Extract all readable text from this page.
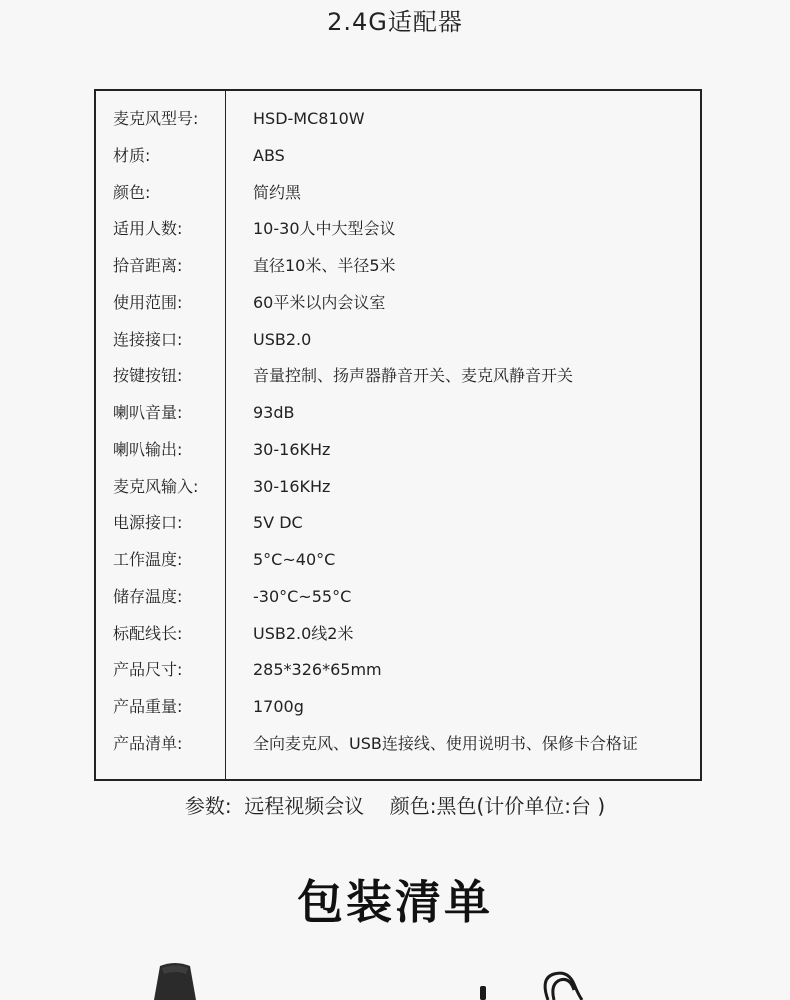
2.4G适配器
麦克风型号:	HSD-MC810W
材质:	ABS
颜色:	简约黑
适用人数:	10-30人中大型会议
拾音距离:	直径10米、半径5米
使用范围:	60平米以内会议室
连接接口:	USB2.0
按键按钮:	音量控制、扬声器静音开关、麦克风静音开关
喇叭音量:	93dB
喇叭输出:	30-16KHz
麦克风输入:	30-16KHz
电源接口:	5V DC
工作温度:	5°C~40°C
储存温度:	-30°C~55°C
标配线长:	USB2.0线2米
产品尺寸:	285*326*65mm
产品重量:	1700g
产品清单:	全向麦克风、USB连接线、使用说明书、保修卡合格证
参数:  远程视频会议    颜色:黑色(计价单位:台 )
包装清单
